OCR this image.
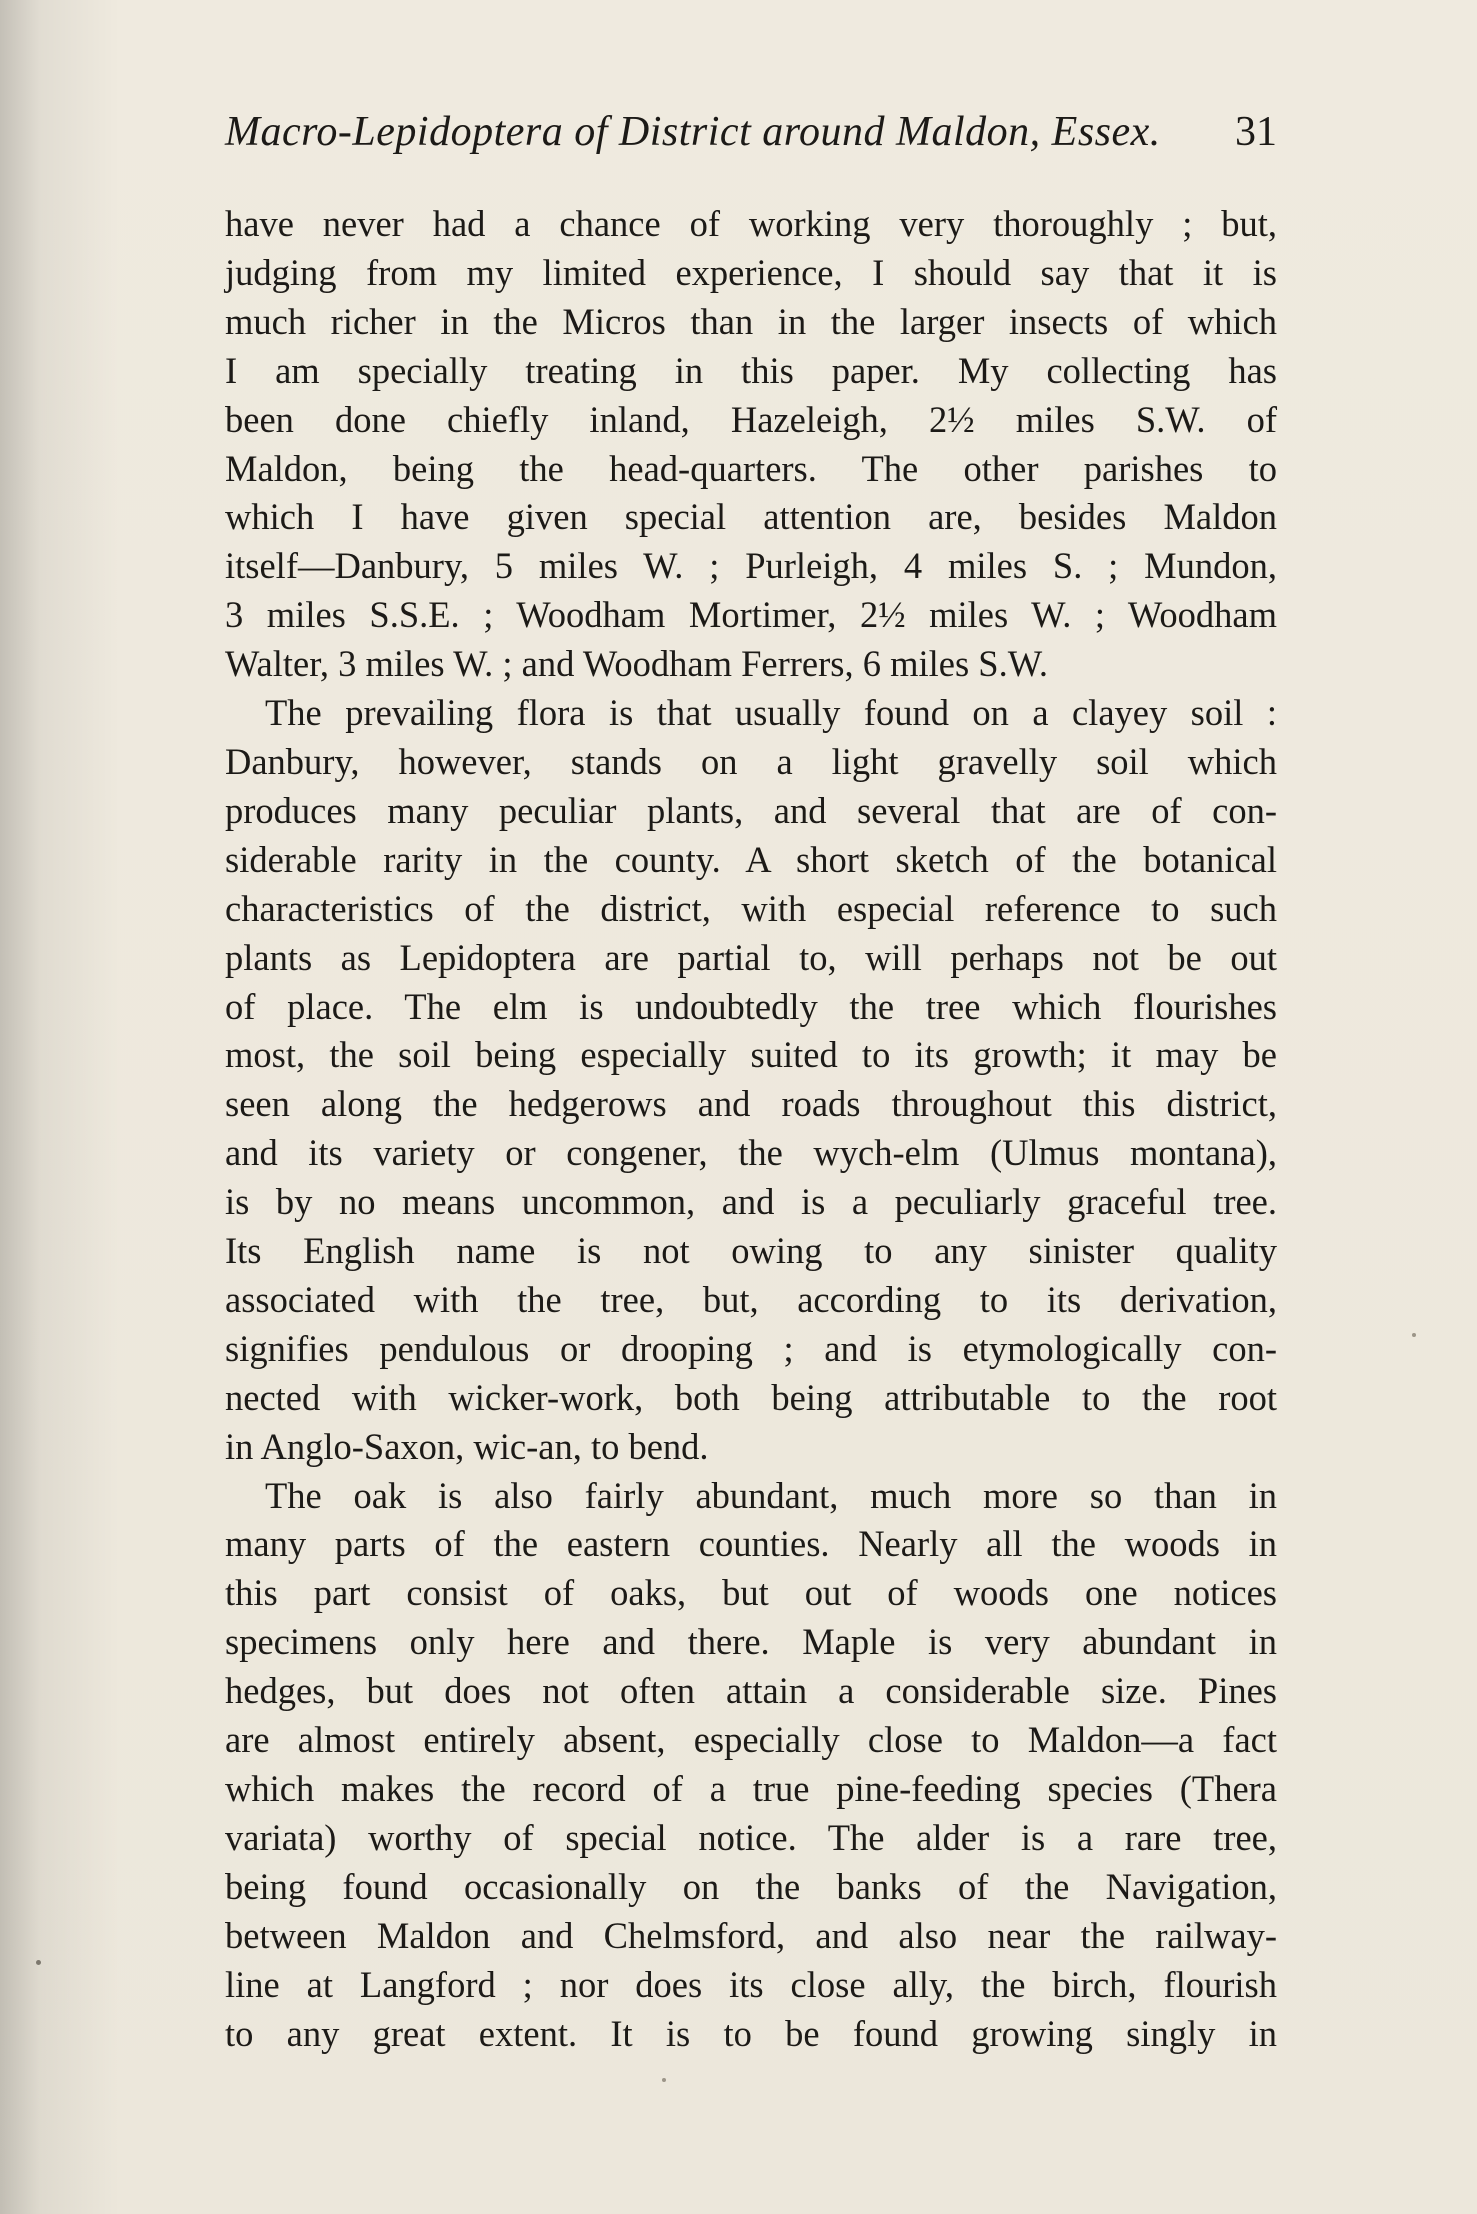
Macro-Lepidoptera of District around Maldon, Essex. 31
have never had a chance of working very thoroughly ; but,
judging from my limited experience, I should say that it is
much richer in the Micros than in the larger insects of which
I am specially treating in this paper. My collecting has
been done chiefly inland, Hazeleigh, 2½ miles S.W. of
Maldon, being the head-quarters. The other parishes to
which I have given special attention are, besides Maldon
itself—Danbury, 5 miles W. ; Purleigh, 4 miles S. ; Mundon,
3 miles S.S.E. ; Woodham Mortimer, 2½ miles W. ; Woodham
Walter, 3 miles W. ; and Woodham Ferrers, 6 miles S.W.
The prevailing flora is that usually found on a clayey soil :
Danbury, however, stands on a light gravelly soil which
produces many peculiar plants, and several that are of con-
siderable rarity in the county. A short sketch of the botanical
characteristics of the district, with especial reference to such
plants as Lepidoptera are partial to, will perhaps not be out
of place. The elm is undoubtedly the tree which flourishes
most, the soil being especially suited to its growth; it may be
seen along the hedgerows and roads throughout this district,
and its variety or congener, the wych-elm (Ulmus montana),
is by no means uncommon, and is a peculiarly graceful tree.
Its English name is not owing to any sinister quality
associated with the tree, but, according to its derivation,
signifies pendulous or drooping ; and is etymologically con-
nected with wicker-work, both being attributable to the root
in Anglo-Saxon, wic-an, to bend.
The oak is also fairly abundant, much more so than in
many parts of the eastern counties. Nearly all the woods in
this part consist of oaks, but out of woods one notices
specimens only here and there. Maple is very abundant in
hedges, but does not often attain a considerable size. Pines
are almost entirely absent, especially close to Maldon—a fact
which makes the record of a true pine-feeding species (Thera
variata) worthy of special notice. The alder is a rare tree,
being found occasionally on the banks of the Navigation,
between Maldon and Chelmsford, and also near the railway-
line at Langford ; nor does its close ally, the birch, flourish
to any great extent. It is to be found growing singly in
